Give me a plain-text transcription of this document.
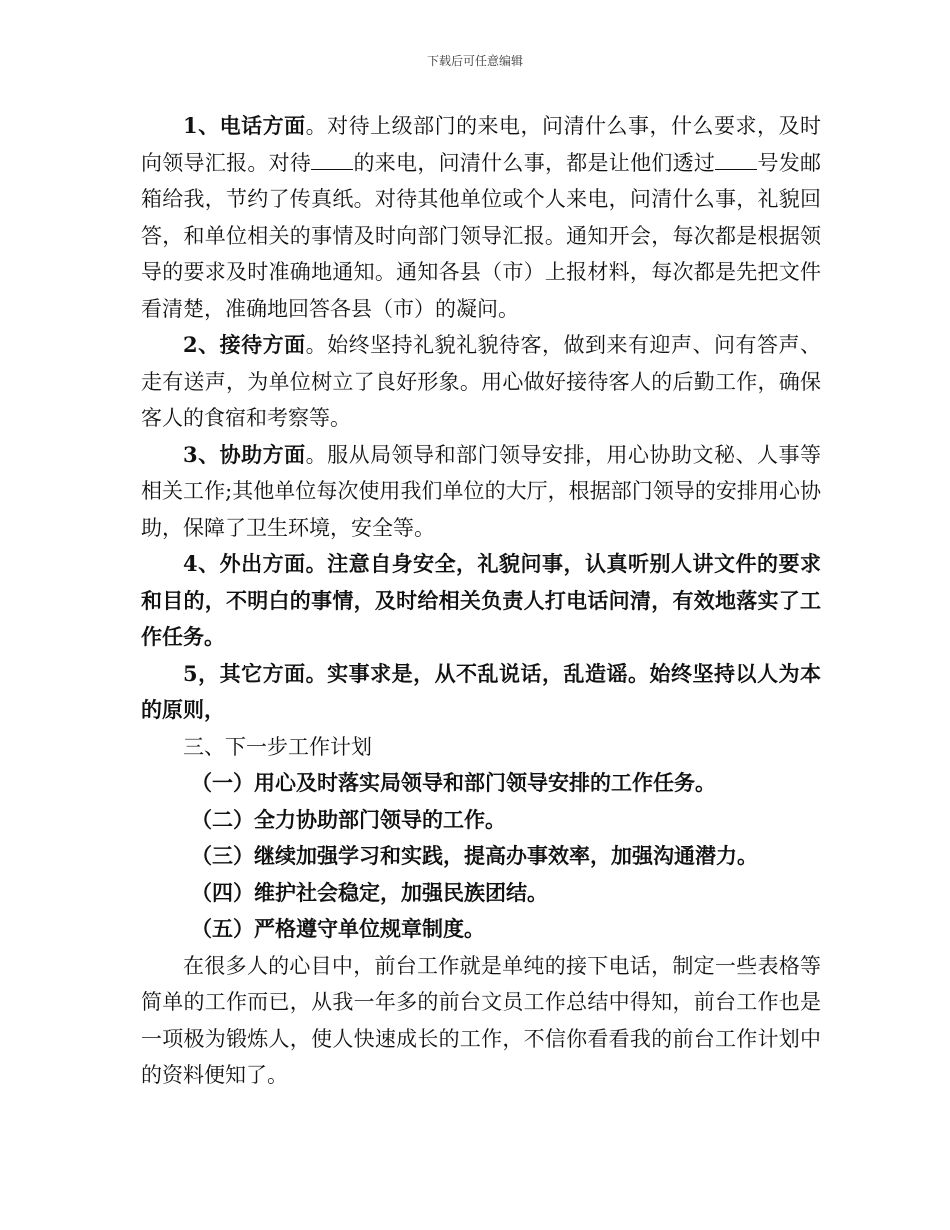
下载后可任意编辑

1、电话方面。对待上级部门的来电，问清什么事，什么要求，及时向领导汇报。对待 的来电，问清什么事，都是让他们透过 号发邮箱给我，节约了传真纸。对待其他单位或个人来电，问清什么事，礼貌回答，和单位相关的事情及时向部门领导汇报。通知开会，每次都是根据领导的要求及时准确地通知。通知各县（市）上报材料，每次都是先把文件看清楚，准确地回答各县（市）的凝问。

2、接待方面。始终坚持礼貌礼貌待客，做到来有迎声、问有答声、走有送声，为单位树立了良好形象。用心做好接待客人的后勤工作，确保客人的食宿和考察等。

3、协助方面。服从局领导和部门领导安排，用心协助文秘、人事等相关工作;其他单位每次使用我们单位的大厅，根据部门领导的安排用心协助，保障了卫生环境，安全等。

4、外出方面。注意自身安全，礼貌问事，认真听别人讲文件的要求和目的，不明白的事情，及时给相关负责人打电话问清，有效地落实了工作任务。

5，其它方面。实事求是，从不乱说话，乱造谣。始终坚持以人为本的原则，

三、下一步工作计划

（一）用心及时落实局领导和部门领导安排的工作任务。

（二）全力协助部门领导的工作。

（三）继续加强学习和实践，提高办事效率，加强沟通潜力。

（四）维护社会稳定，加强民族团结。

（五）严格遵守单位规章制度。

在很多人的心目中，前台工作就是单纯的接下电话，制定一些表格等简单的工作而已，从我一年多的前台文员工作总结中得知，前台工作也是一项极为锻炼人，使人快速成长的工作，不信你看看我的前台工作计划中的资料便知了。
